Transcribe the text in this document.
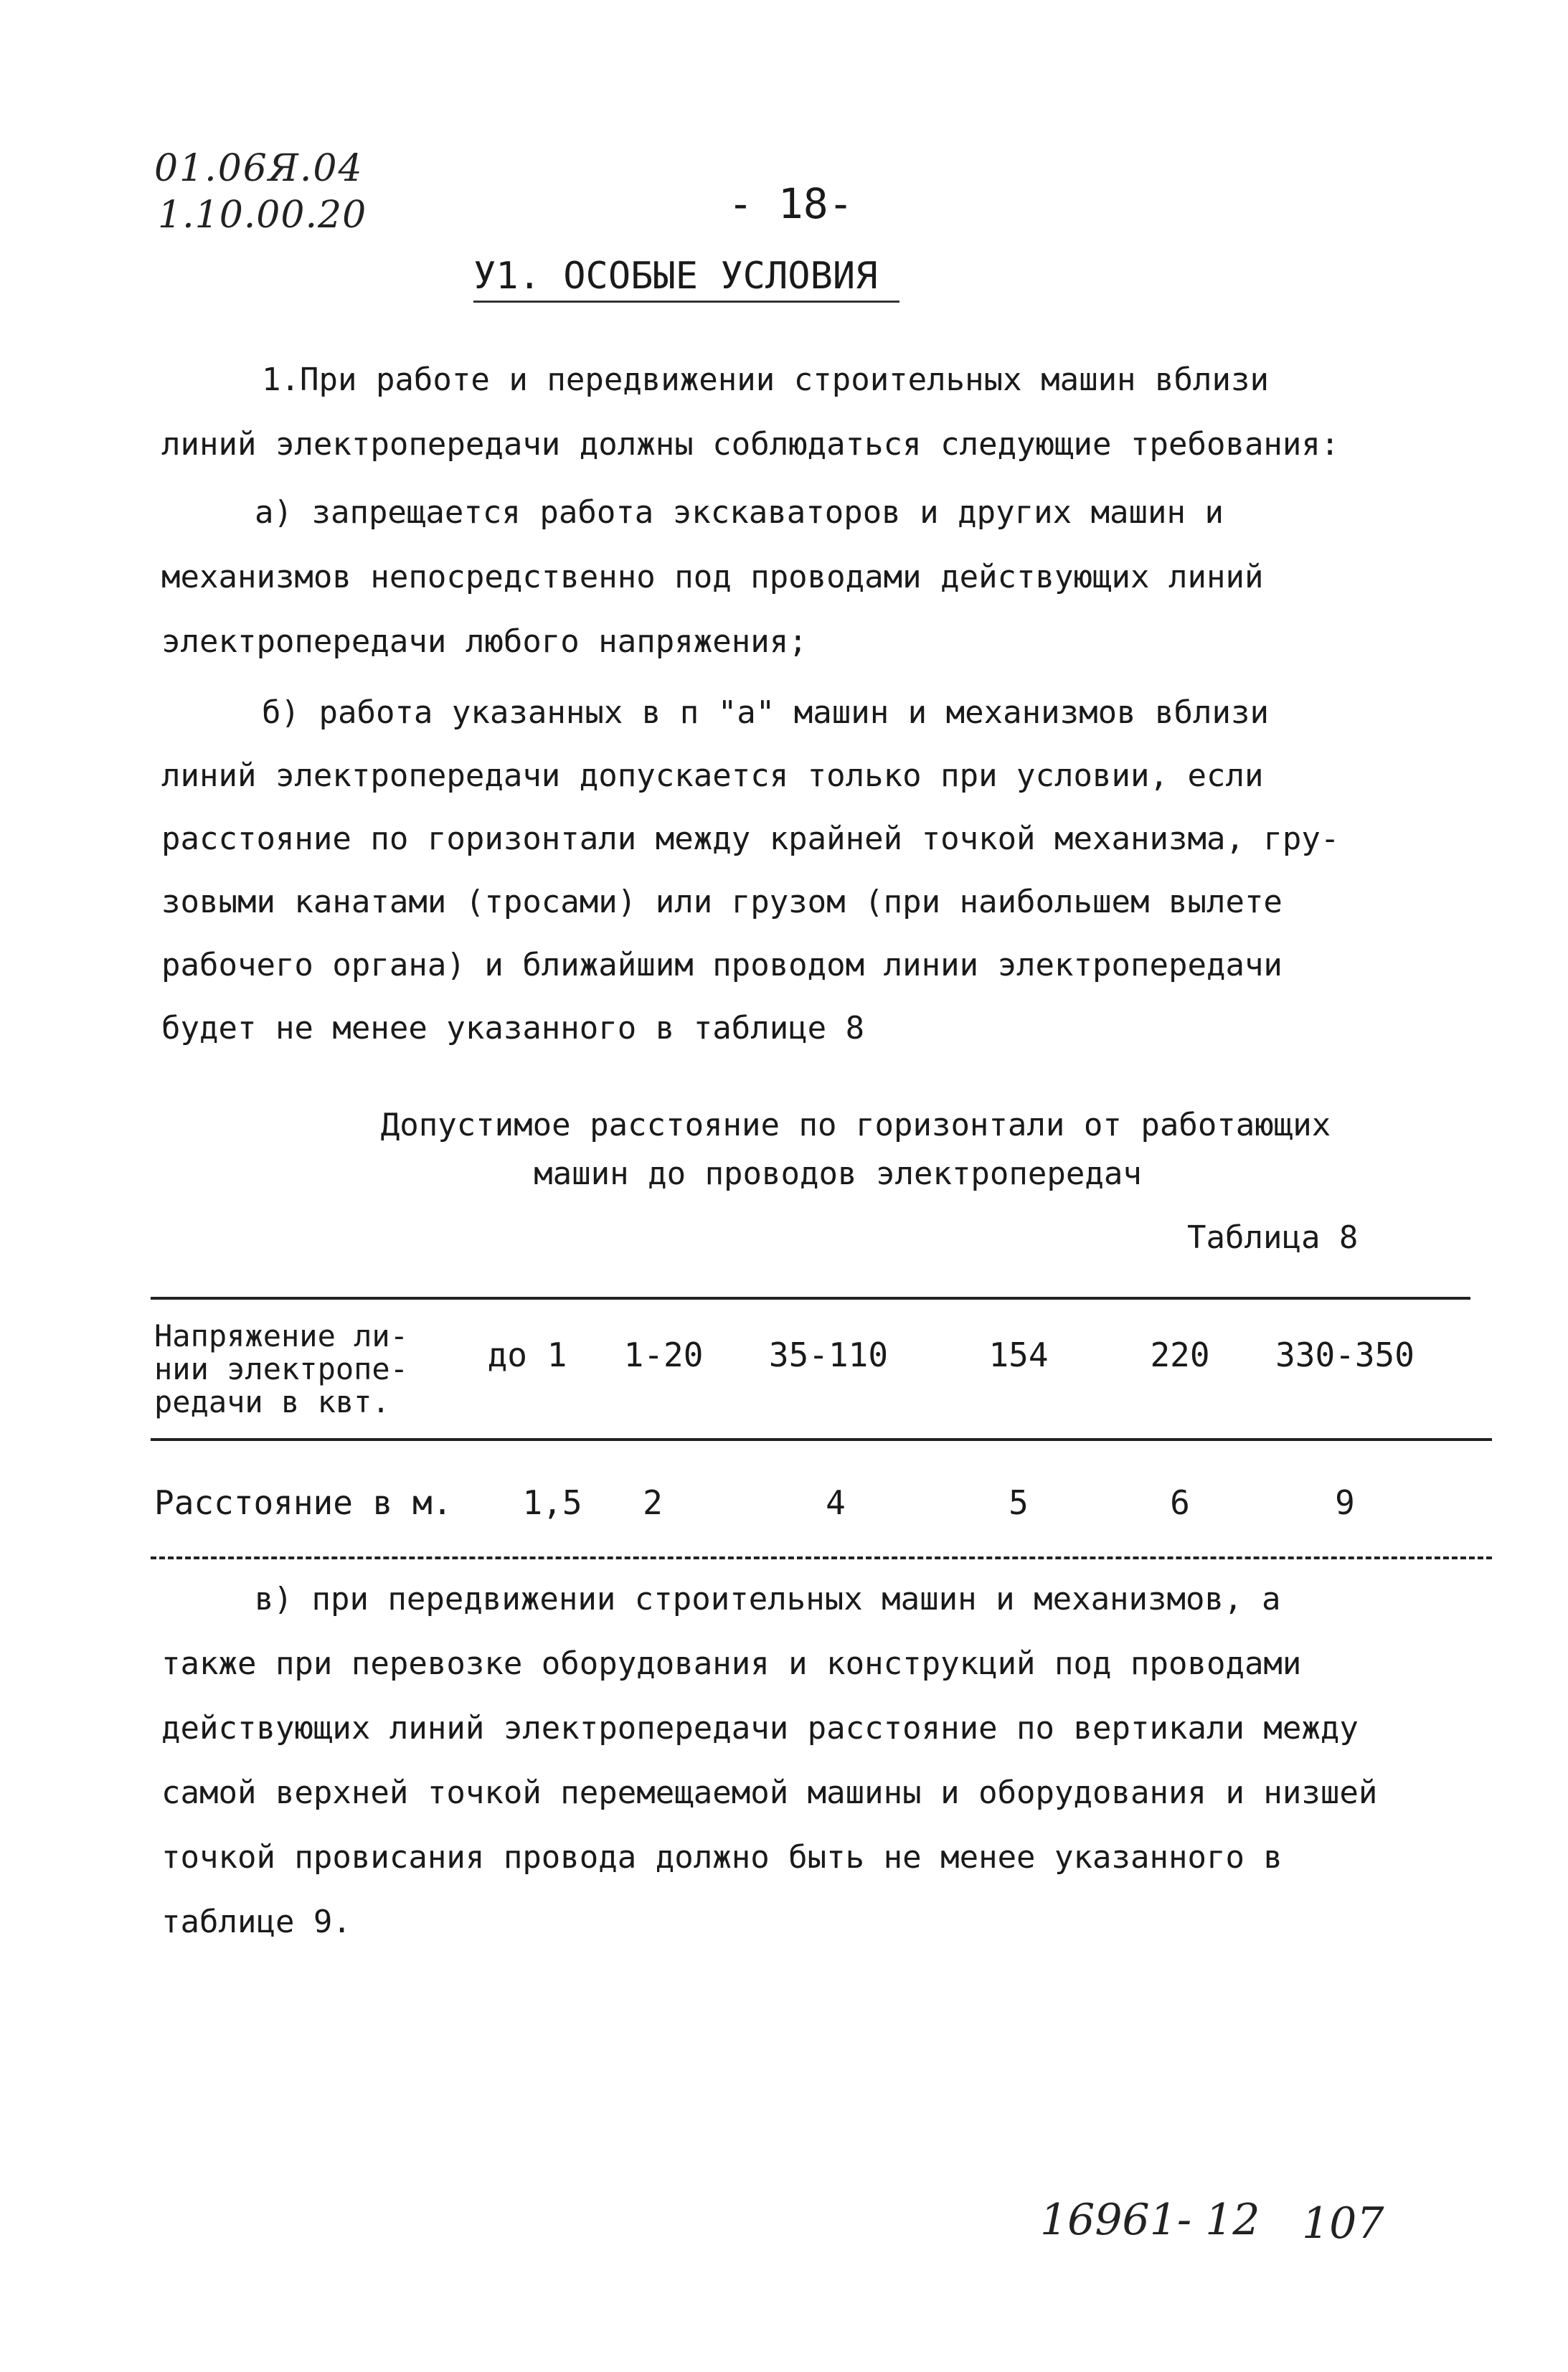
01.06Я.04
1.10.00.20	- 18-
У1. ОСОБЫЕ УСЛОВИЯ
1.При работе и передвижении строительных машин вблизи
линий электропередачи должны соблюдаться следующие требования:
а) запрещается работа экскаваторов и других машин и
механизмов непосредственно под проводами действующих линий
электропередачи любого напряжения;
б) работа указанных в п "а" машин и механизмов вблизи
линий электропередачи допускается только при условии, если
расстояние по горизонтали между крайней точкой механизма, гру-
зовыми канатами (тросами) или грузом (при наибольшем вылете
рабочего органа) и ближайшим проводом линии электропередачи
будет не менее указанного в таблице 8
Допустимое расстояние по горизонтали от работающих
машин до проводов электропередач
Таблица 8
Напряжение ли-
нии электропе-
редачи в квт.
до 1	1-20	35-110	154	220	330-350
Расстояние в м.	1,5	2	4	5	6	9
в) при передвижении строительных машин и механизмов, а
также при перевозке оборудования и конструкций под проводами
действующих линий электропередачи расстояние по вертикали между
самой верхней точкой перемещаемой машины и оборудования и низшей
точкой провисания провода должно быть не менее указанного в
таблице 9.
16961- 12 107
